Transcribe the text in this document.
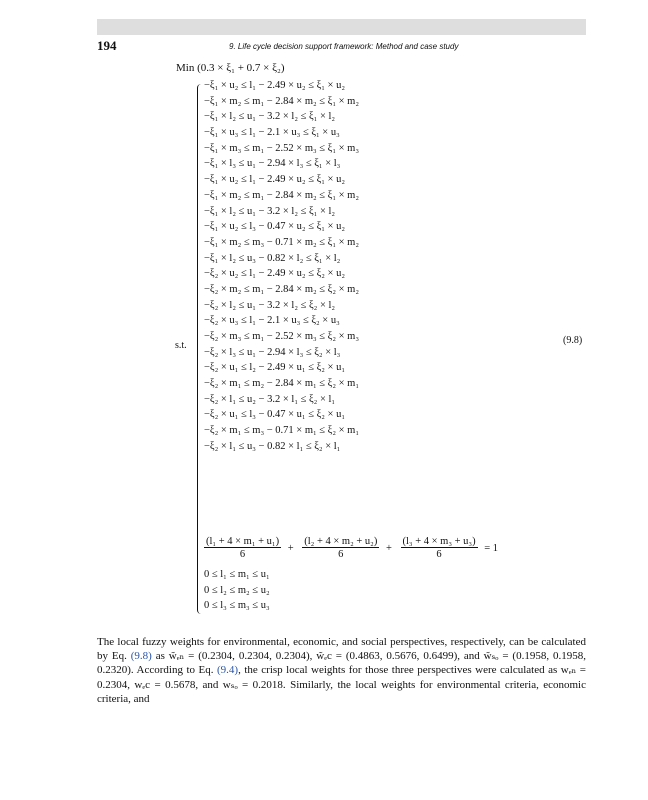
194	9. Life cycle decision support framework: Method and case study
Min (0.3 × ξ₁ + 0.7 × ξ₂)
s.t.
−ξ₁ × u₂ ≤ l₁ − 2.49 × u₂ ≤ ξ₁ × u₂
−ξ₁ × m₂ ≤ m₁ − 2.84 × m₂ ≤ ξ₁ × m₂
−ξ₁ × l₂ ≤ u₁ − 3.2 × l₂ ≤ ξ₁ × l₂
−ξ₁ × u₃ ≤ l₁ − 2.1 × u₃ ≤ ξ₁ × u₃
−ξ₁ × m₃ ≤ m₁ − 2.52 × m₃ ≤ ξ₁ × m₃
−ξ₁ × l₃ ≤ u₁ − 2.94 × l₃ ≤ ξ₁ × l₃
−ξ₁ × u₂ ≤ l₁ − 2.49 × u₂ ≤ ξ₁ × u₂
−ξ₁ × m₂ ≤ m₁ − 2.84 × m₂ ≤ ξ₁ × m₂
−ξ₁ × l₂ ≤ u₁ − 3.2 × l₂ ≤ ξ₁ × l₂
−ξ₁ × u₂ ≤ l₃ − 0.47 × u₂ ≤ ξ₁ × u₂
−ξ₁ × m₂ ≤ m₃ − 0.71 × m₂ ≤ ξ₁ × m₂
−ξ₁ × l₂ ≤ u₃ − 0.82 × l₂ ≤ ξ₁ × l₂
−ξ₂ × u₂ ≤ l₁ − 2.49 × u₂ ≤ ξ₂ × u₂
−ξ₂ × m₂ ≤ m₁ − 2.84 × m₂ ≤ ξ₂ × m₂
−ξ₂ × l₂ ≤ u₁ − 3.2 × l₂ ≤ ξ₂ × l₂
−ξ₂ × u₃ ≤ l₁ − 2.1 × u₃ ≤ ξ₂ × u₃
−ξ₂ × m₃ ≤ m₁ − 2.52 × m₃ ≤ ξ₂ × m₃
−ξ₂ × l₃ ≤ u₁ − 2.94 × l₃ ≤ ξ₂ × l₃
−ξ₂ × u₁ ≤ l₂ − 2.49 × u₁ ≤ ξ₂ × u₁
−ξ₂ × m₁ ≤ m₂ − 2.84 × m₁ ≤ ξ₂ × m₁
−ξ₂ × l₁ ≤ u₂ − 3.2 × l₁ ≤ ξ₂ × l₁
−ξ₂ × u₁ ≤ l₃ − 0.47 × u₁ ≤ ξ₂ × u₁
−ξ₂ × m₁ ≤ m₃ − 0.71 × m₁ ≤ ξ₂ × m₁
−ξ₂ × l₁ ≤ u₃ − 0.82 × l₁ ≤ ξ₂ × l₁
(9.8)
$\frac{\text{(l₁ + 4 × m₁ + u₁)}}{6} + \frac{\text{(l₂ + 4 × m₂ + u₂)}}{6} + \frac{\text{(l₃ + 4 × m₃ + u₃)}}{6} = 1$
0 ≤ l₁ ≤ m₁ ≤ u₁
0 ≤ l₂ ≤ m₂ ≤ u₂
0 ≤ l₃ ≤ m₃ ≤ u₃

The local fuzzy weights for environmental, economic, and social perspectives, respectively, can be calculated by Eq. (9.8) as w̃ₑₙ = (0.2304, 0.2304, 0.2304), w̃ₑc = (0.4863, 0.5676, 0.6499), and w̃ₛₒ = (0.1958, 0.1958, 0.2320). According to Eq. (9.4), the crisp local weights for those three perspectives were calculated as wₑₙ = 0.2304, wₑc = 0.5678, and wₛₒ = 0.2018. Similarly, the local weights for environmental criteria, economic criteria, and
